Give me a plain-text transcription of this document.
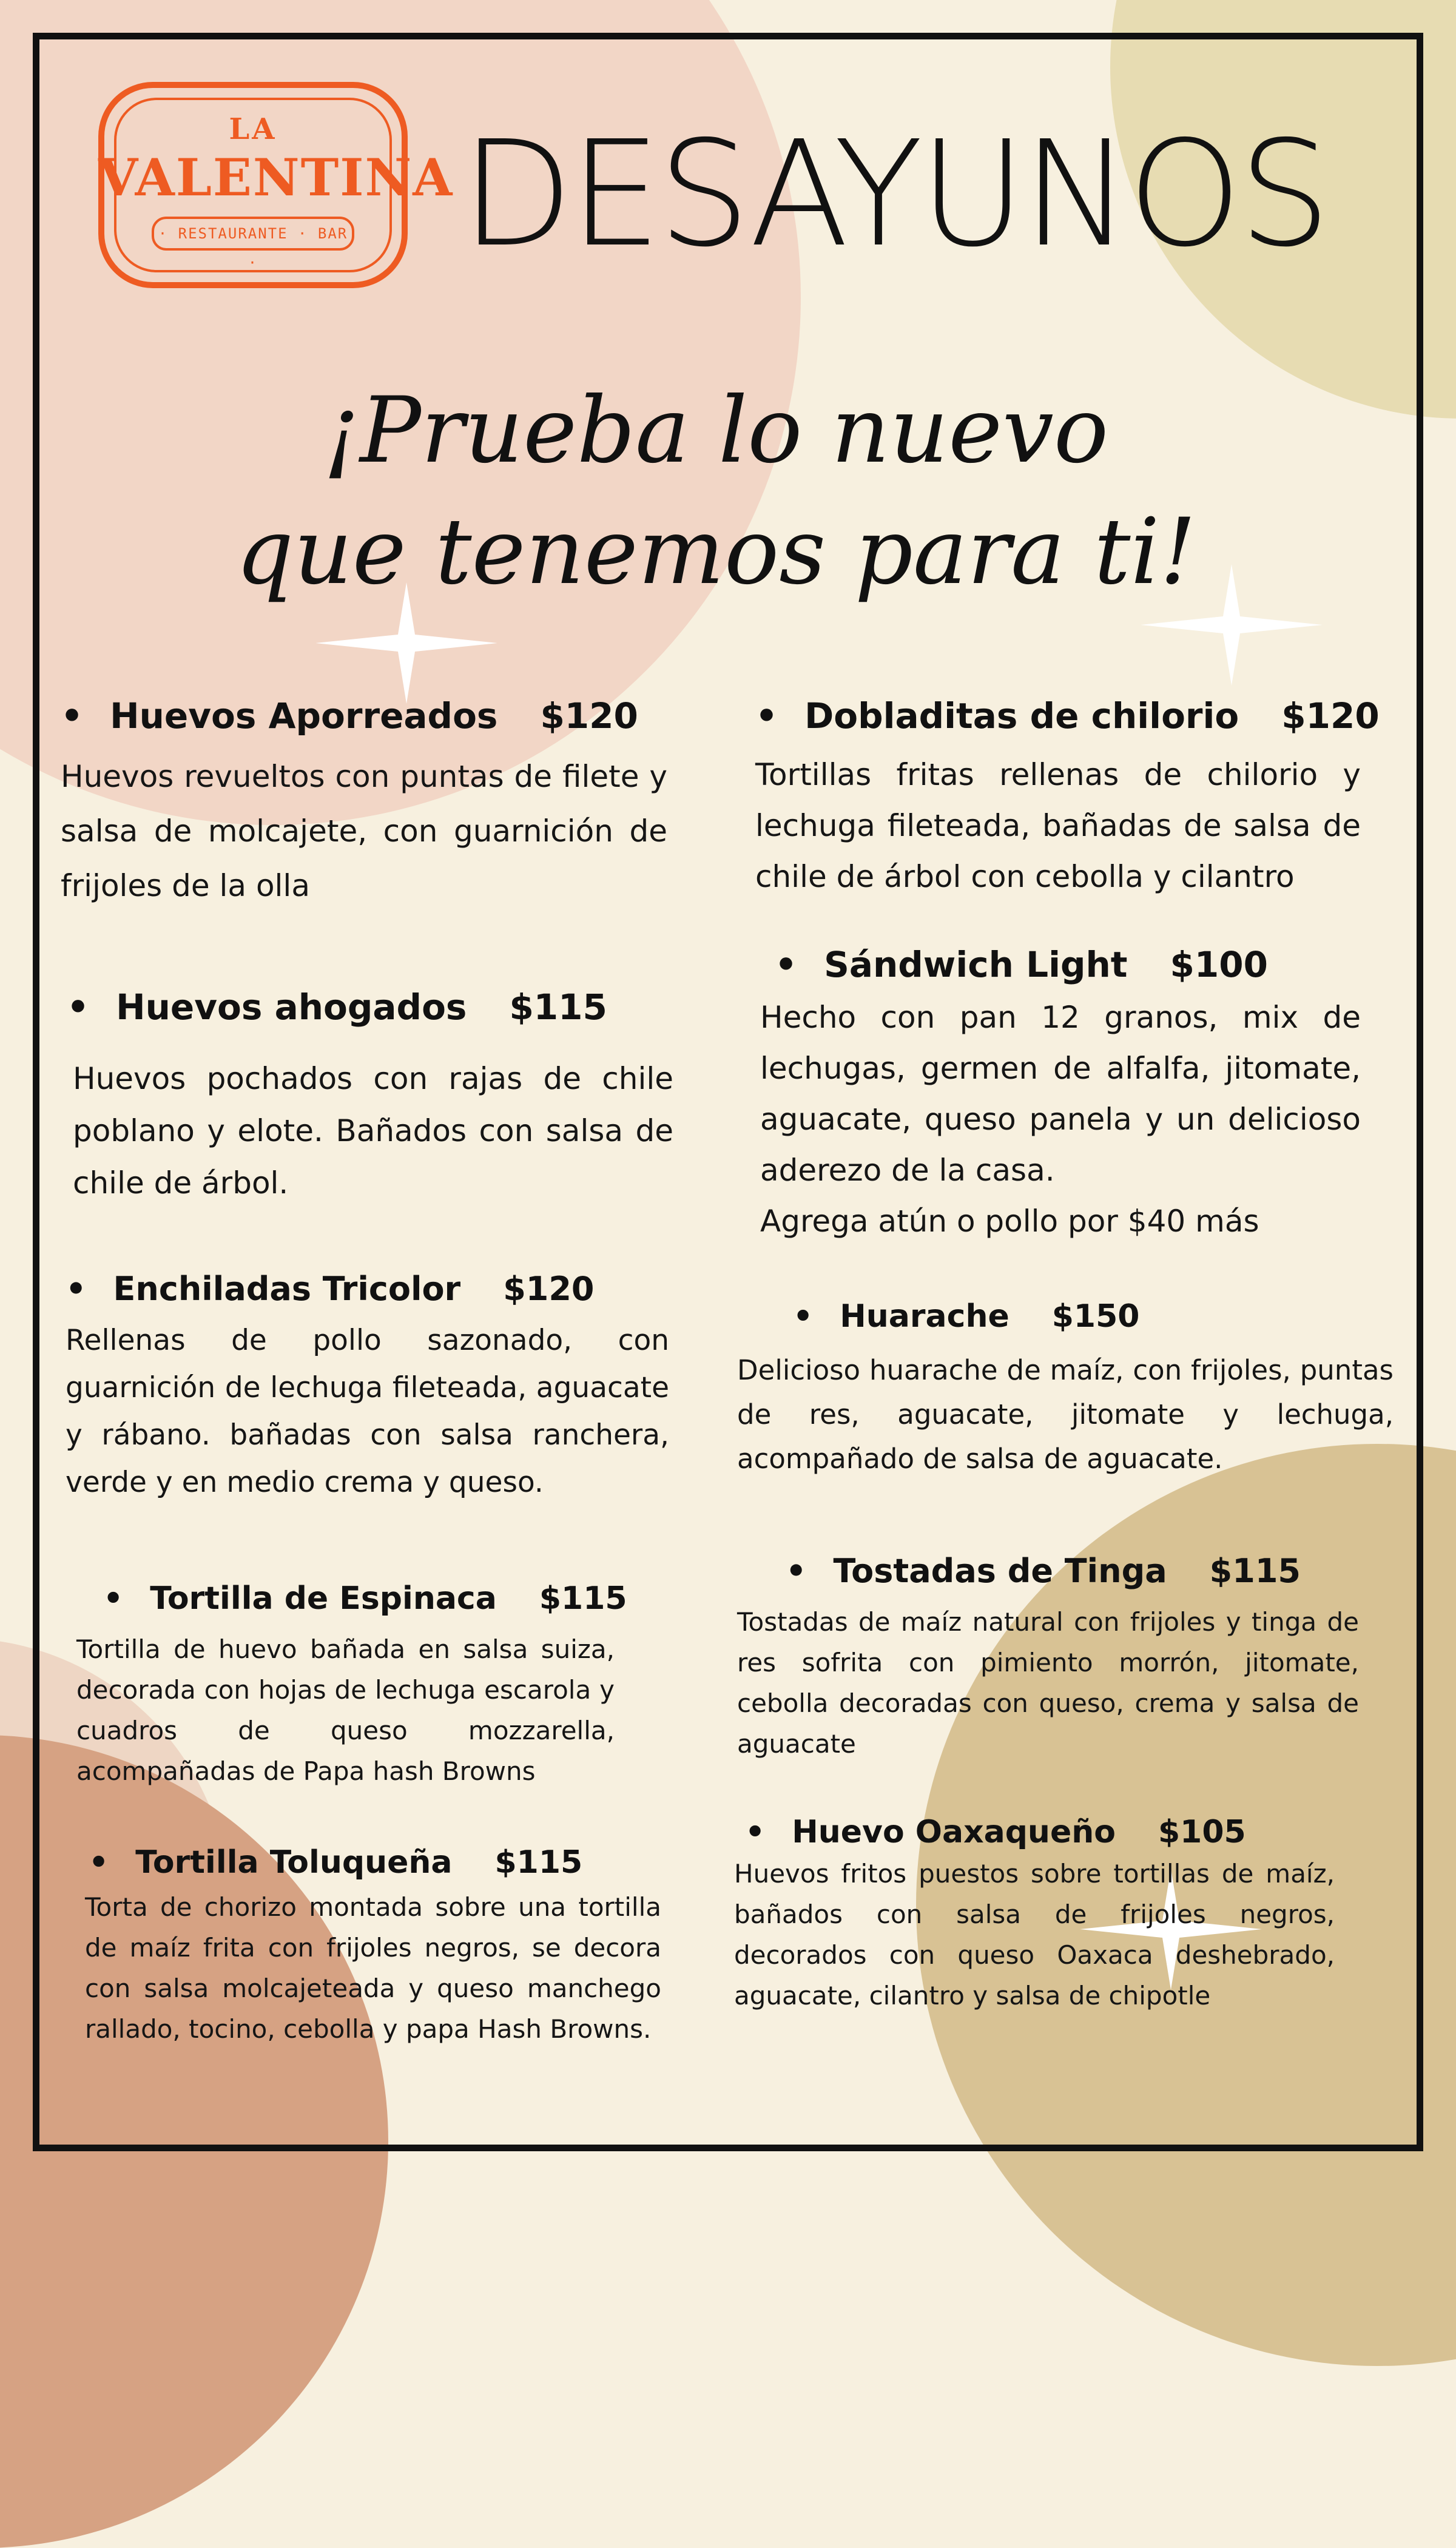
LA
VALENTINA
· RESTAURANTE · BAR ·	DESAYUNOS
¡Prueba lo nuevo
que tenemos para ti!
• Huevos Aporreados $120

Huevos revueltos con puntas de filete y salsa de molcajete, con guarnición de frijoles de la olla

• Huevos ahogados $115

Huevos pochados con rajas de chile poblano y elote. Bañados con salsa de chile de árbol.

• Enchiladas Tricolor $120

Rellenas de pollo sazonado, con guarnición de lechuga fileteada, aguacate y rábano. bañadas con salsa ranchera, verde y en medio crema y queso.

• Tortilla de Espinaca $115

Tortilla de huevo bañada en salsa suiza, decorada con hojas de lechuga escarola y cuadros de queso mozzarella, acompañadas de Papa hash Browns

• Tortilla Toluqueña $115

Torta de chorizo montada sobre una tortilla de maíz frita con frijoles negros, se decora con salsa molcajeteada y queso manchego rallado, tocino, cebolla y papa Hash Browns.

• Dobladitas de chilorio $120

Tortillas fritas rellenas de chilorio y lechuga fileteada, bañadas de salsa de chile de árbol con cebolla y cilantro

• Sándwich Light $100

Hecho con pan 12 granos, mix de lechugas, germen de alfalfa, jitomate, aguacate, queso panela y un delicioso aderezo de la casa.

Agrega atún o pollo por $40 más

• Huarache $150

Delicioso huarache de maíz, con frijoles, puntas de res, aguacate, jitomate y lechuga, acompañado de salsa de aguacate.

• Tostadas de Tinga $115

Tostadas de maíz natural con frijoles y tinga de res sofrita con pimiento morrón, jitomate, cebolla decoradas con queso, crema y salsa de aguacate

• Huevo Oaxaqueño $105

Huevos fritos puestos sobre tortillas de maíz, bañados con salsa de frijoles negros, decorados con queso Oaxaca deshebrado, aguacate, cilantro y salsa de chipotle
